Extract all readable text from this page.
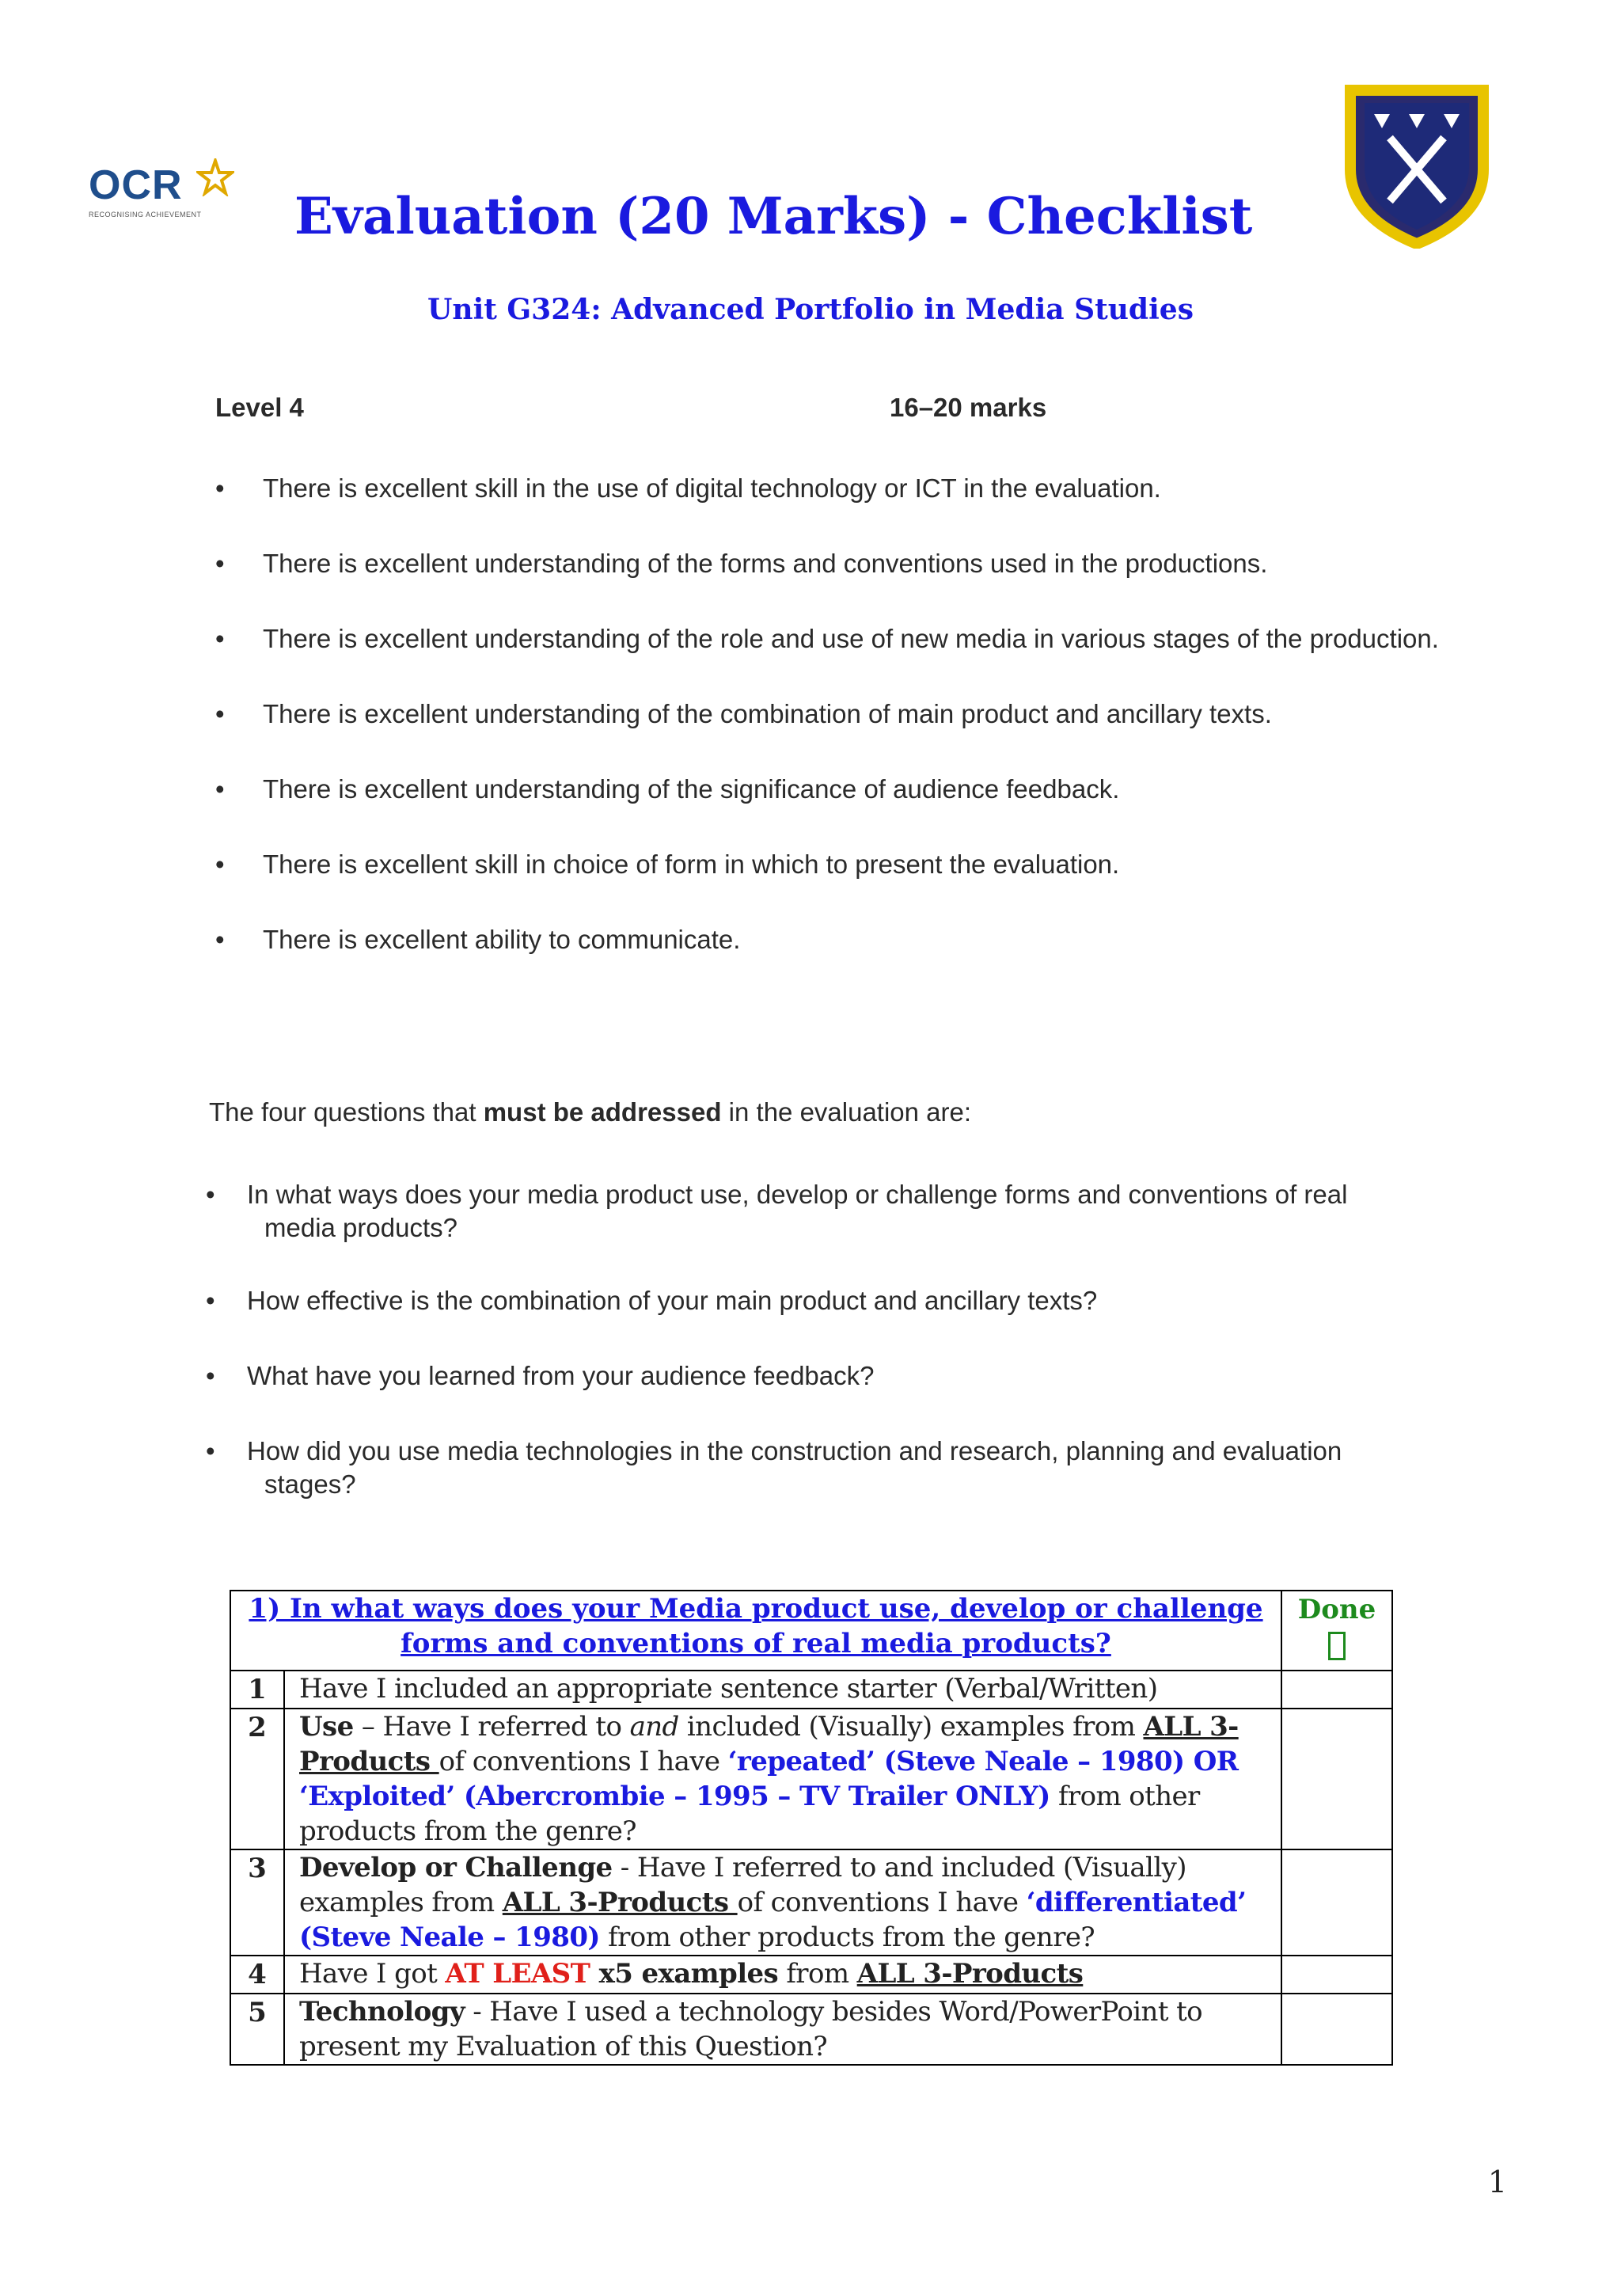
OCR
RECOGNISING ACHIEVEMENT	Evaluation (20 Marks) - Checklist
Unit G324: Advanced Portfolio in Media Studies
Level 4	16–20 marks
• There is excellent skill in the use of digital technology or ICT in the evaluation.
• There is excellent understanding of the forms and conventions used in the productions.
• There is excellent understanding of the role and use of new media in various stages of the production.
• There is excellent understanding of the combination of main product and ancillary texts.
• There is excellent understanding of the significance of audience feedback.
• There is excellent skill in choice of form in which to present the evaluation.
• There is excellent ability to communicate.
The four questions that must be addressed in the evaluation are:
• In what ways does your media product use, develop or challenge forms and conventions of real
media products?
• How effective is the combination of your main product and ancillary texts?
• What have you learned from your audience feedback?
• How did you use media technologies in the construction and research, planning and evaluation
stages?
1) In what ways does your Media product use, develop or challenge forms and conventions of real media products?		Done

1	Have I included an appropriate sentence starter (Verbal/Written)	
2	Use – Have I referred to and included (Visually) examples from ALL 3-Products of conventions I have ‘repeated’ (Steve Neale – 1980) OR ‘Exploited’ (Abercrombie – 1995 – TV Trailer ONLY) from other products from the genre?	
3	Develop or Challenge - Have I referred to and included (Visually) examples from ALL 3-Products of conventions I have ‘differentiated’ (Steve Neale – 1980) from other products from the genre?	
4	Have I got AT LEAST x5 examples from ALL 3-Products	
5	Technology - Have I used a technology besides Word/PowerPoint to present my Evaluation of this Question?	
1
